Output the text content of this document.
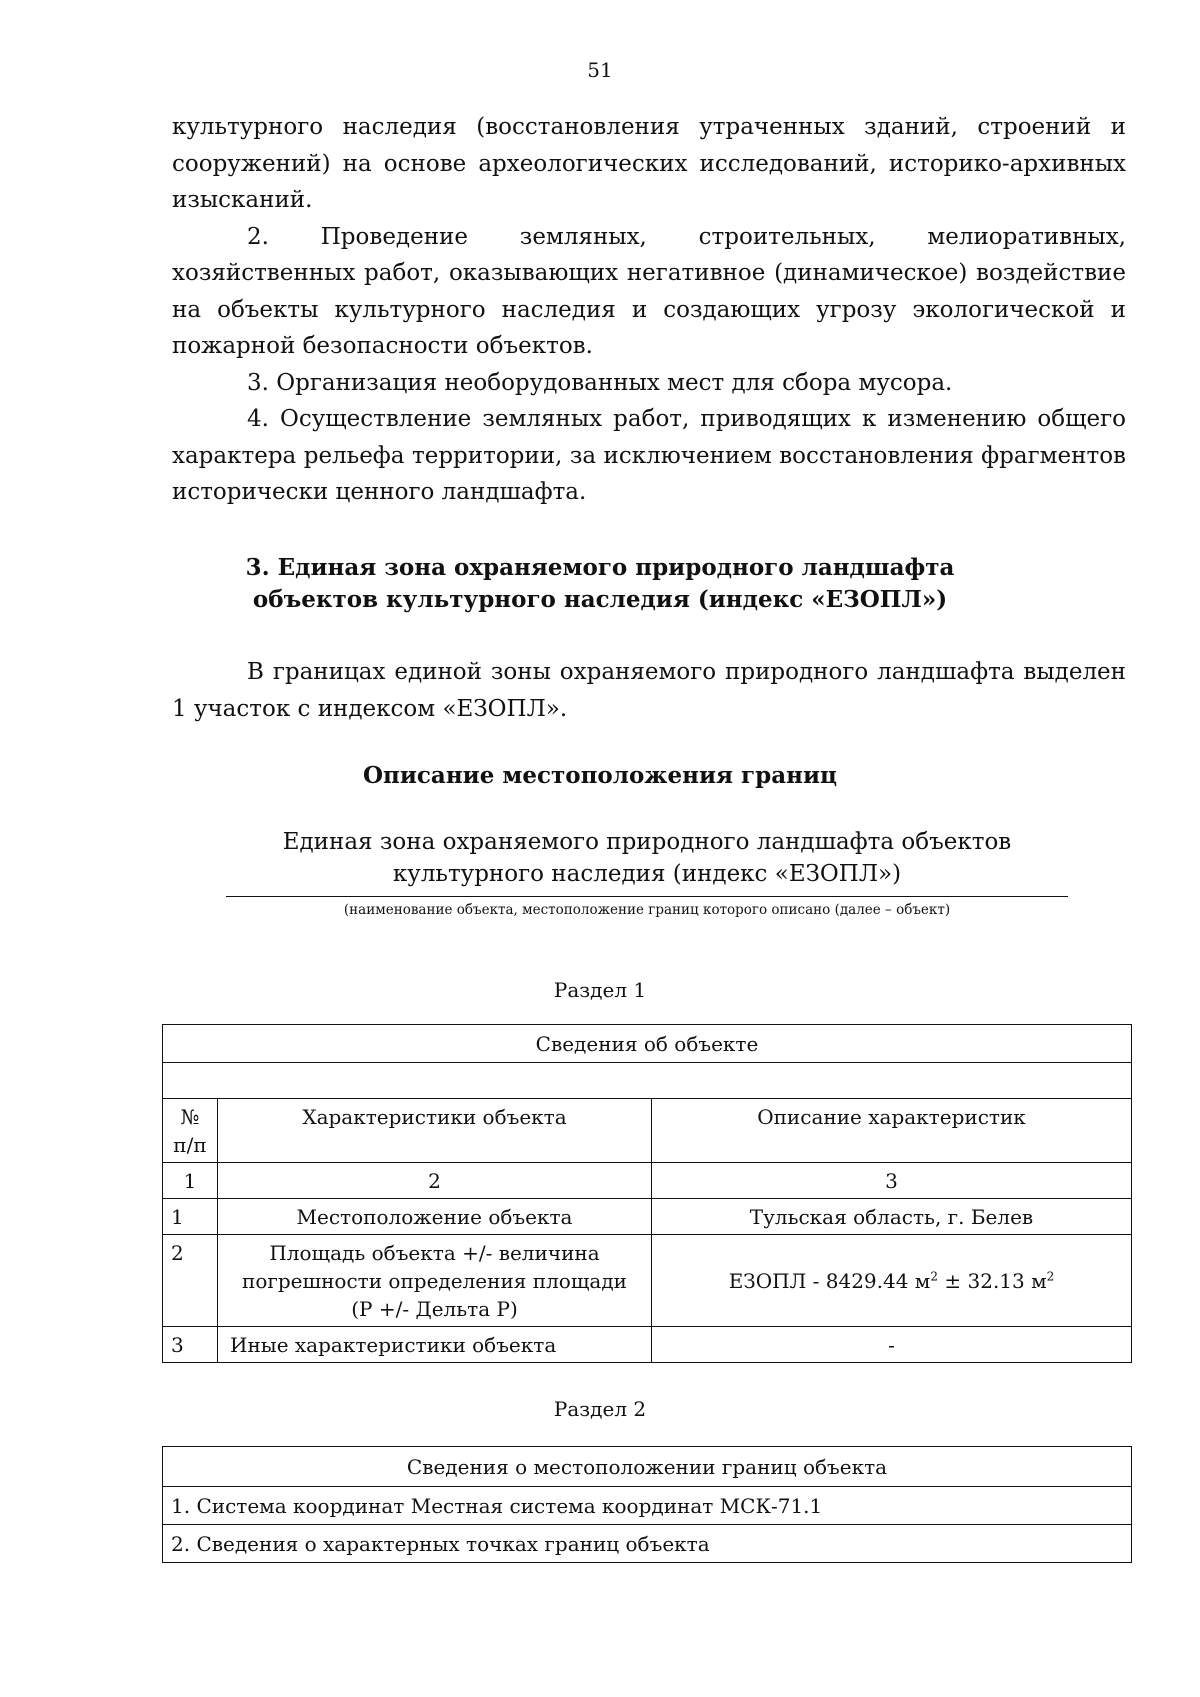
51

культурного наследия (восстановления утраченных зданий, строений и сооружений) на основе археологических исследований, историко-архивных изысканий.

2. Проведение земляных, строительных, мелиоративных, хозяйственных работ, оказывающих негативное (динамическое) воздействие на объекты культурного наследия и создающих угрозу экологической и пожарной безопасности объектов.

3. Организация необорудованных мест для сбора мусора.

4. Осуществление земляных работ, приводящих к изменению общего характера рельефа территории, за исключением восстановления фрагментов исторически ценного ландшафта.

3. Единая зона охраняемого природного ландшафта
объектов культурного наследия (индекс «ЕЗОПЛ»)

В границах единой зоны охраняемого природного ландшафта выделен 1 участок с индексом «ЕЗОПЛ».

Описание местоположения границ
Единая зона охраняемого природного ландшафта объектов
культурного наследия (индекс «ЕЗОПЛ»)
(наименование объекта, местоположение границ которого описано (далее – объект)
Раздел 1
Сведения об объекте		

№ п/п	Характеристики объекта	Описание характеристик
1	2	3
1	Местоположение объекта	Тульская область, г. Белев
2	Площадь объекта +/- величина погрешности определения площади (Р +/- Дельта Р)	ЕЗОПЛ - 8429.44 $м^2 \pm 32.13$ $м^2$
3	Иные характеристики объекта	-
Раздел 2
Сведения о местоположении границ объекта
1. Система координат Местная система координат МСК-71.1
2. Сведения о характерных точках границ объекта
